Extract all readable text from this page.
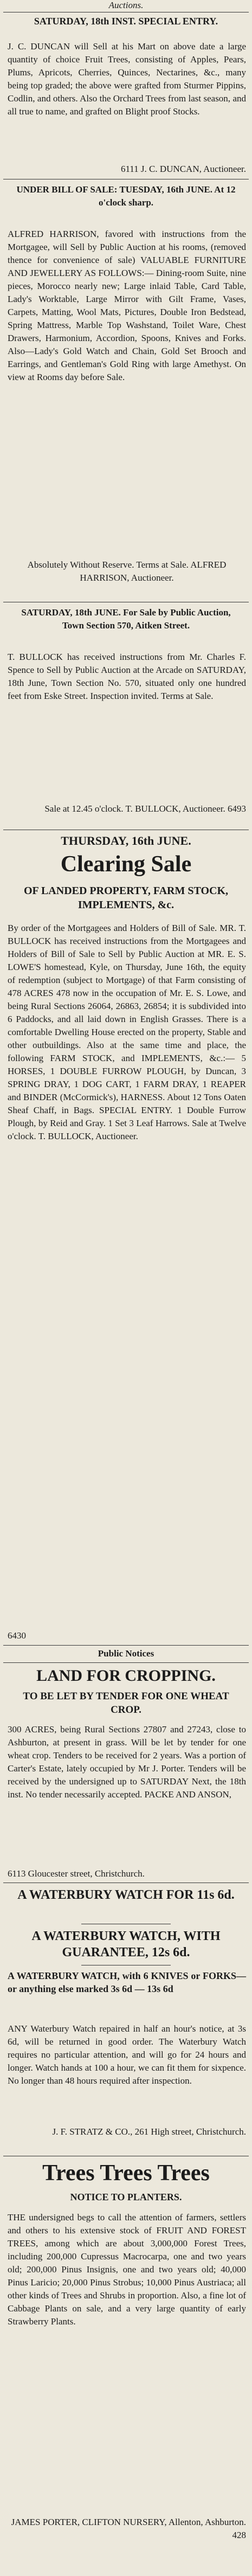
Auctions.
SATURDAY, 18th INST. SPECIAL ENTRY.
J. C. DUNCAN will Sell at his Mart on above date a large quantity of choice Fruit Trees, consisting of Apples, Pears, Plums, Apricots, Cherries, Quinces, Nectarines, &c., many being top graded; the above were grafted from Sturmer Pippins, Codlin, and others. Also the Orchard Trees from last season, and all true to name, and grafted on Blight proof Stocks.
6111 J. C. DUNCAN, Auctioneer.
UNDER BILL OF SALE: TUESDAY, 16th JUNE. At 12 o'clock sharp.
ALFRED HARRISON, favored with instructions from the Mortgagee, will Sell by Public Auction at his rooms, (removed thence for convenience of sale) VALUABLE FURNITURE AND JEWELLERY AS FOLLOWS:— Dining-room Suite, nine pieces, Morocco nearly new; Large inlaid Table, Card Table, Lady's Worktable, Large Mirror with Gilt Frame, Vases, Carpets, Matting, Wool Mats, Pictures, Double Iron Bedstead, Spring Mattress, Marble Top Washstand, Toilet Ware, Chest Drawers, Harmonium, Accordion, Spoons, Knives and Forks. Also—Lady's Gold Watch and Chain, Gold Set Brooch and Earrings, and Gentleman's Gold Ring with large Amethyst. On view at Rooms day before Sale.
Absolutely Without Reserve. Terms at Sale. ALFRED HARRISON, Auctioneer.
SATURDAY, 18th JUNE. For Sale by Public Auction, Town Section 570, Aitken Street.
T. BULLOCK has received instructions from Mr. Charles F. Spence to Sell by Public Auction at the Arcade on SATURDAY, 18th June, Town Section No. 570, situated only one hundred feet from Eske Street. Inspection invited. Terms at Sale.
Sale at 12.45 o'clock. T. BULLOCK, Auctioneer. 6493
THURSDAY, 16th JUNE.
Clearing Sale
OF LANDED PROPERTY, FARM STOCK, IMPLEMENTS, &c.
By order of the Mortgagees and Holders of Bill of Sale. MR. T. BULLOCK has received instructions from the Mortgagees and Holders of Bill of Sale to Sell by Public Auction at MR. E. S. LOWE'S homestead, Kyle, on Thursday, June 16th, the equity of redemption (subject to Mortgage) of that Farm consisting of 478 ACRES 478 now in the occupation of Mr. E. S. Lowe, and being Rural Sections 26064, 26863, 26854; it is subdivided into 6 Paddocks, and all laid down in English Grasses. There is a comfortable Dwelling House erected on the property, Stable and other outbuildings. Also at the same time and place, the following FARM STOCK, and IMPLEMENTS, &c.:— 5 HORSES, 1 DOUBLE FURROW PLOUGH, by Duncan, 3 SPRING DRAY, 1 DOG CART, 1 FARM DRAY, 1 REAPER and BINDER (McCormick's), HARNESS. About 12 Tons Oaten Sheaf Chaff, in Bags. SPECIAL ENTRY. 1 Double Furrow Plough, by Reid and Gray. 1 Set 3 Leaf Harrows. Sale at Twelve o'clock. T. BULLOCK, Auctioneer.
6430
Public Notices
LAND FOR CROPPING.
TO BE LET BY TENDER FOR ONE WHEAT CROP.
300 ACRES, being Rural Sections 27807 and 27243, close to Ashburton, at present in grass. Will be let by tender for one wheat crop. Tenders to be received for 2 years. Was a portion of Carter's Estate, lately occupied by Mr J. Porter. Tenders will be received by the undersigned up to SATURDAY Next, the 18th inst. No tender necessarily accepted. PACKE AND ANSON,
6113 Gloucester street, Christchurch.
A WATERBURY WATCH FOR 11s 6d.
A WATERBURY WATCH, WITH GUARANTEE, 12s 6d.
A WATERBURY WATCH, with 6 KNIVES or FORKS—or anything else marked 3s 6d — 13s 6d
ANY Waterbury Watch repaired in half an hour's notice, at 3s 6d, will be returned in good order. The Waterbury Watch requires no particular attention, and will go for 24 hours and longer. Watch hands at 100 a hour, we can fit them for sixpence. No longer than 48 hours required after inspection.
J. F. STRATZ & CO., 261 High street, Christchurch.
Trees Trees Trees
NOTICE TO PLANTERS.
THE undersigned begs to call the attention of farmers, settlers and others to his extensive stock of FRUIT AND FOREST TREES, among which are about 3,000,000 Forest Trees, including 200,000 Cupressus Macrocarpa, one and two years old; 200,000 Pinus Insignis, one and two years old; 40,000 Pinus Laricio; 20,000 Pinus Strobus; 10,000 Pinus Austriaca; all other kinds of Trees and Shrubs in proportion. Also, a fine lot of Cabbage Plants on sale, and a very large quantity of early Strawberry Plants.
JAMES PORTER, CLIFTON NURSERY, Allenton, Ashburton. 428
